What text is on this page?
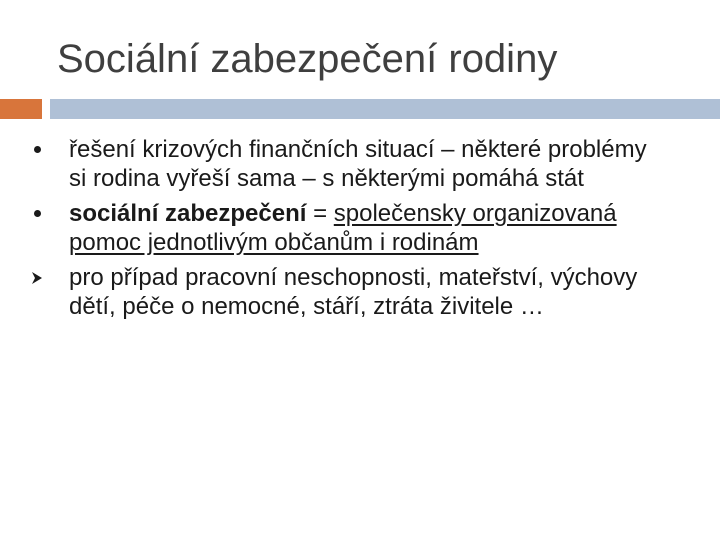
Sociální zabezpečení rodiny
řešení krizových finančních situací – některé problémy si rodina vyřeší sama – s některými pomáhá stát
sociální zabezpečení = společensky organizovaná pomoc jednotlivým občanům i rodinám
pro případ pracovní neschopnosti, mateřství, výchovy dětí, péče o nemocné, stáří, ztráta živitele …
